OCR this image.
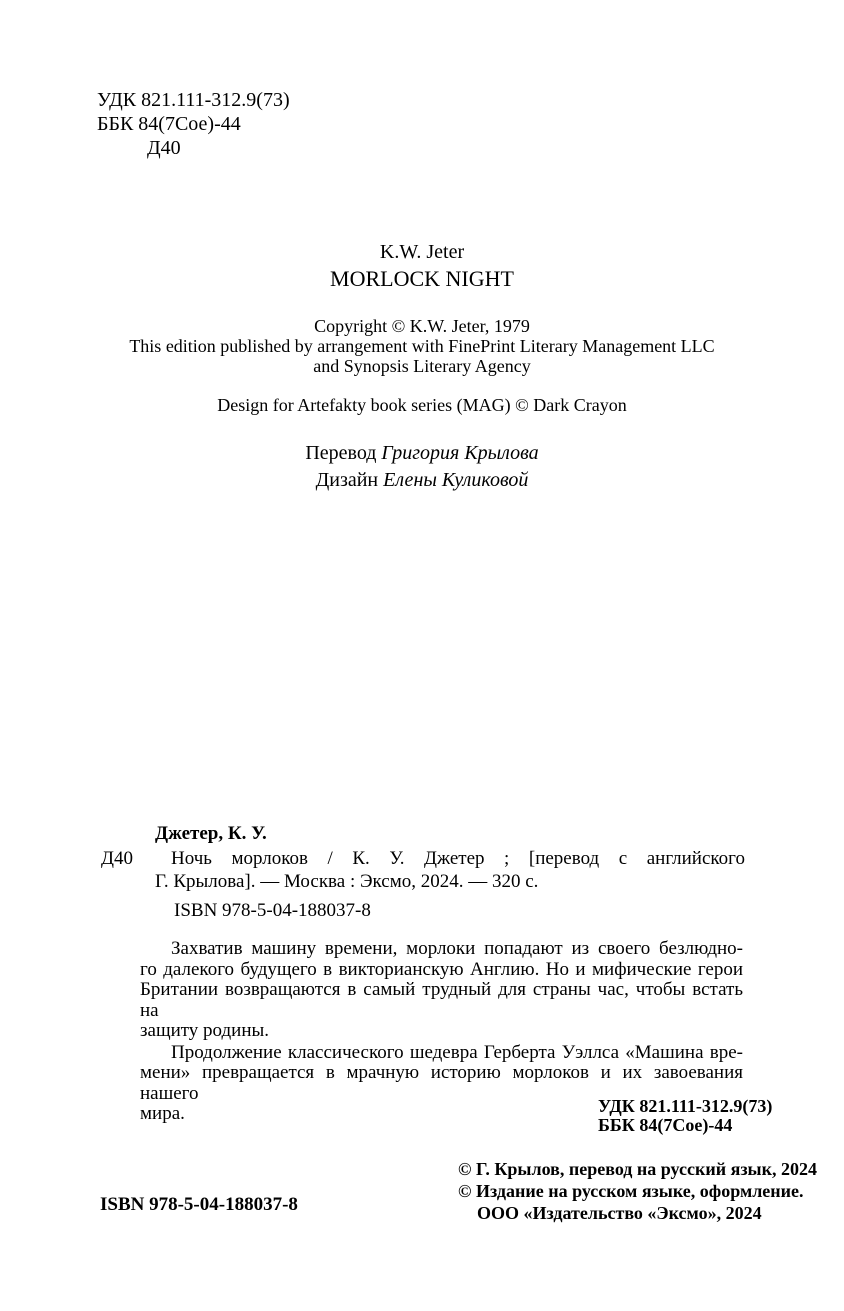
УДК 821.111-312.9(73)
ББК 84(7Сое)-44
Д40
K.W. Jeter
MORLOCK NIGHT
Copyright © K.W. Jeter, 1979
This edition published by arrangement with FinePrint Literary Management LLC
and Synopsis Literary Agency
Design for Artefakty book series (MAG) © Dark Crayon
Перевод Григория Крылова
Дизайн Елены Куликовой
Джетер, К. У.
Д40	Ночь морлоков / К. У. Джетер ; [перевод с английского
Г. Крылова]. — Москва : Эксмо, 2024. — 320 с.
ISBN 978-5-04-188037-8
Захватив машину времени, морлоки попадают из своего безлюдно-
го далекого будущего в викторианскую Англию. Но и мифические герои
Британии возвращаются в самый трудный для страны час, чтобы встать на
защиту родины.
Продолжение классического шедевра Герберта Уэллса «Машина вре-
мени» превращается в мрачную историю морлоков и их завоевания нашего
мира.	УДК 821.111-312.9(73)
ББК 84(7Сое)-44
© Г. Крылов, перевод на русский язык, 2024
© Издание на русском языке, оформление.
ООО «Издательство «Эксмо», 2024
ISBN 978-5-04-188037-8
